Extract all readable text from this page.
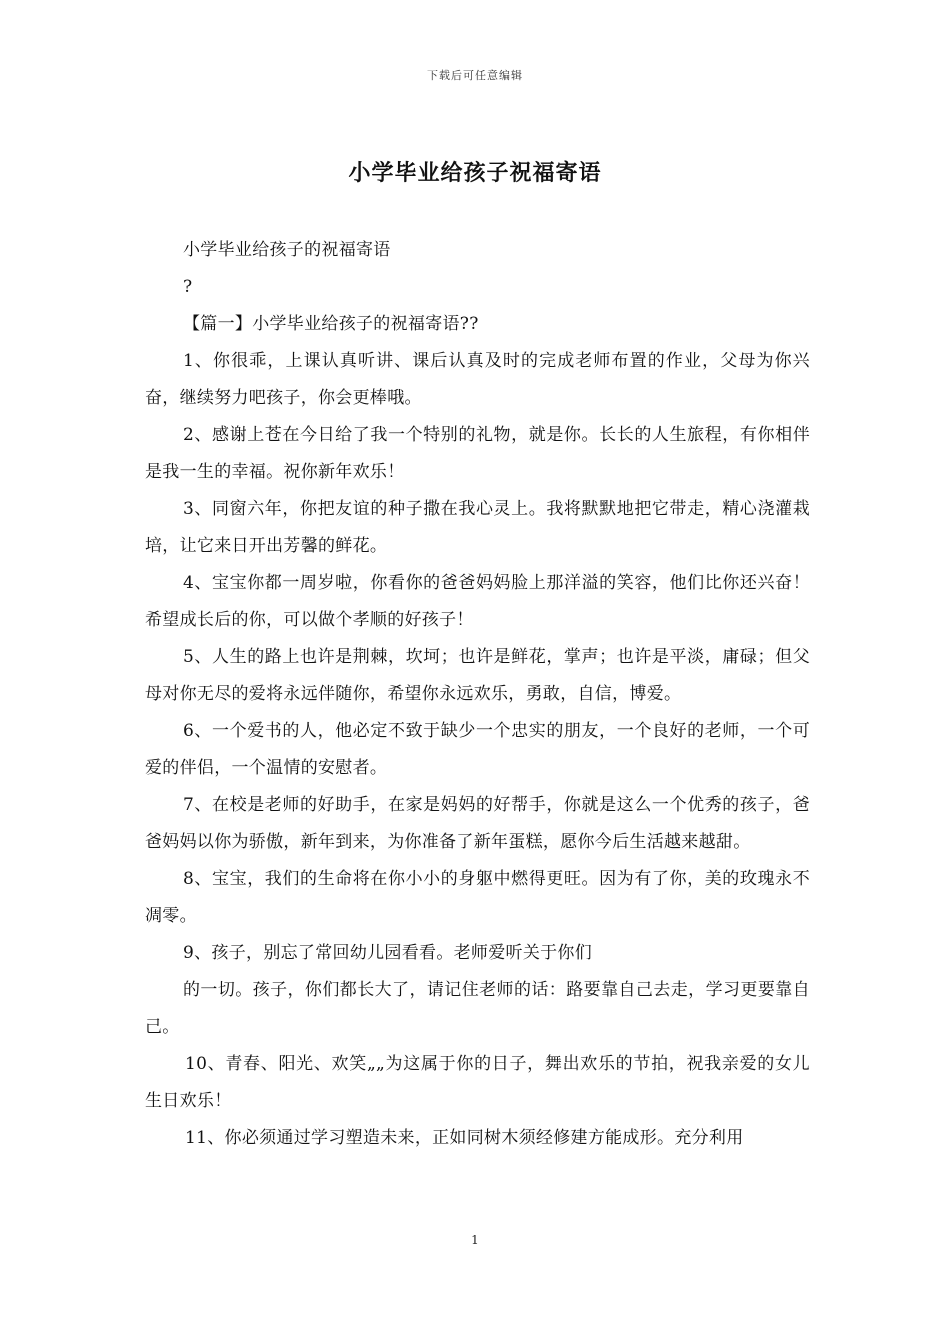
下载后可任意编辑
小学毕业给孩子祝福寄语

小学毕业给孩子的祝福寄语

?

【篇一】小学毕业给孩子的祝福寄语??

1、你很乖，上课认真听讲、课后认真及时的完成老师布置的作业，父母为你兴奋，继续努力吧孩子，你会更棒哦。

2、感谢上苍在今日给了我一个特别的礼物，就是你。长长的人生旅程，有你相伴是我一生的幸福。祝你新年欢乐！

3、同窗六年，你把友谊的种子撒在我心灵上。我将默默地把它带走，精心浇灌栽培，让它来日开出芳馨的鲜花。

4、宝宝你都一周岁啦，你看你的爸爸妈妈脸上那洋溢的笑容，他们比你还兴奋！希望成长后的你，可以做个孝顺的好孩子！

5、人生的路上也许是荆棘，坎坷；也许是鲜花，掌声；也许是平淡，庸碌；但父母对你无尽的爱将永远伴随你，希望你永远欢乐，勇敢，自信，博爱。

6、一个爱书的人，他必定不致于缺少一个忠实的朋友，一个良好的老师，一个可爱的伴侣，一个温情的安慰者。

7、在校是老师的好助手，在家是妈妈的好帮手，你就是这么一个优秀的孩子，爸爸妈妈以你为骄傲，新年到来，为你准备了新年蛋糕，愿你今后生活越来越甜。

8、宝宝，我们的生命将在你小小的身躯中燃得更旺。因为有了你，美的玫瑰永不凋零。

9、孩子，别忘了常回幼儿园看看。老师爱听关于你们

的一切。孩子，你们都长大了，请记住老师的话：路要靠自己去走，学习更要靠自己。

10、青春、阳光、欢笑„„为这属于你的日子，舞出欢乐的节拍，祝我亲爱的女儿生日欢乐！

11、你必须通过学习塑造未来，正如同树木须经修建方能成形。充分利用

1
